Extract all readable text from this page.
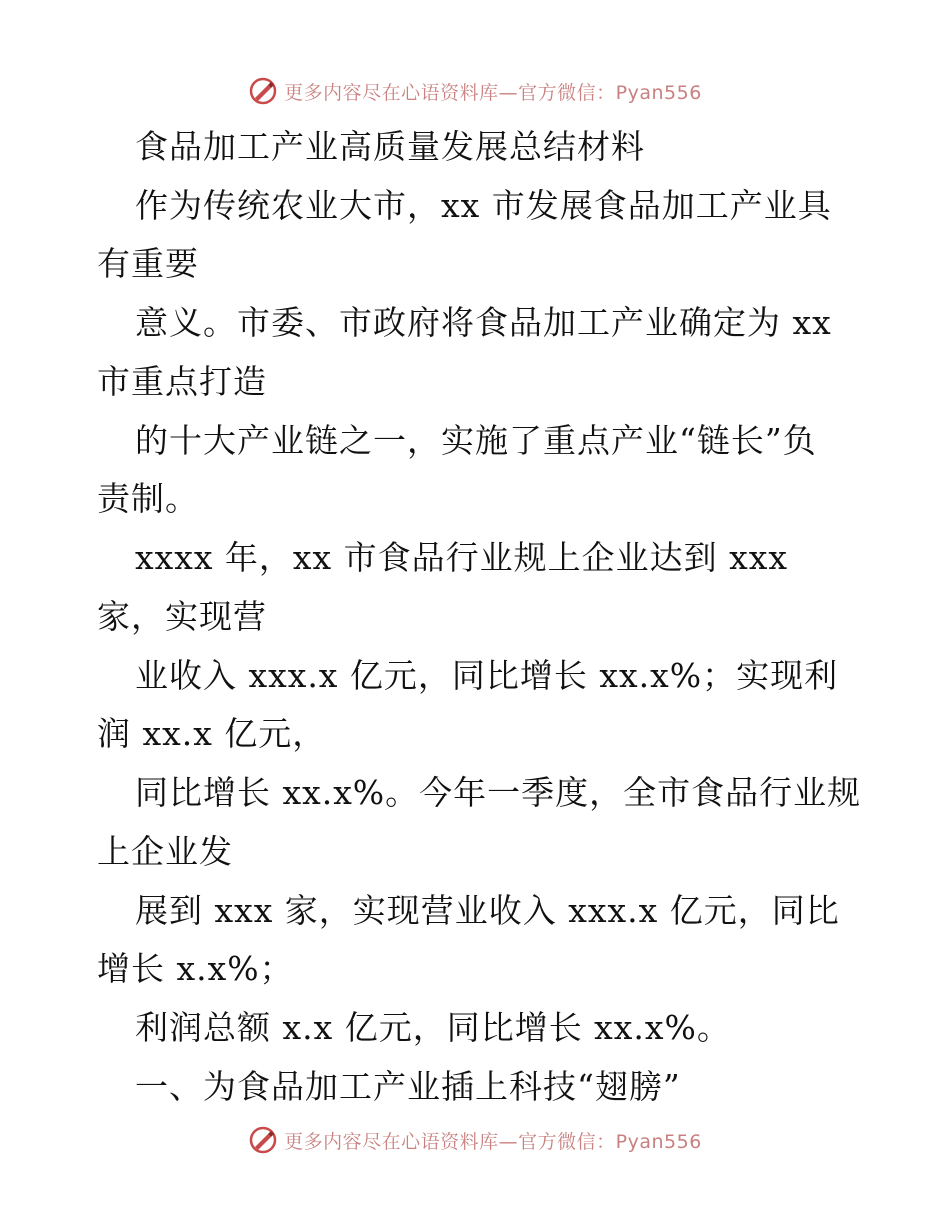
更多内容尽在心语资料库—官方微信：Pyan556
食品加工产业高质量发展总结材料
作为传统农业大市，xx 市发展食品加工产业具
有重要
意义。市委、市政府将食品加工产业确定为 xx
市重点打造
的十大产业链之一，实施了重点产业“链长”负
责制。
xxxx 年，xx 市食品行业规上企业达到 xxx
家，实现营
业收入 xxx.x 亿元，同比增长 xx.x%；实现利
润 xx.x 亿元，
同比增长 xx.x%。今年一季度，全市食品行业规
上企业发
展到 xxx 家，实现营业收入 xxx.x 亿元，同比
增长 x.x%；
利润总额 x.x 亿元，同比增长 xx.x%。
一、为食品加工产业插上科技“翅膀”
更多内容尽在心语资料库—官方微信：Pyan556
